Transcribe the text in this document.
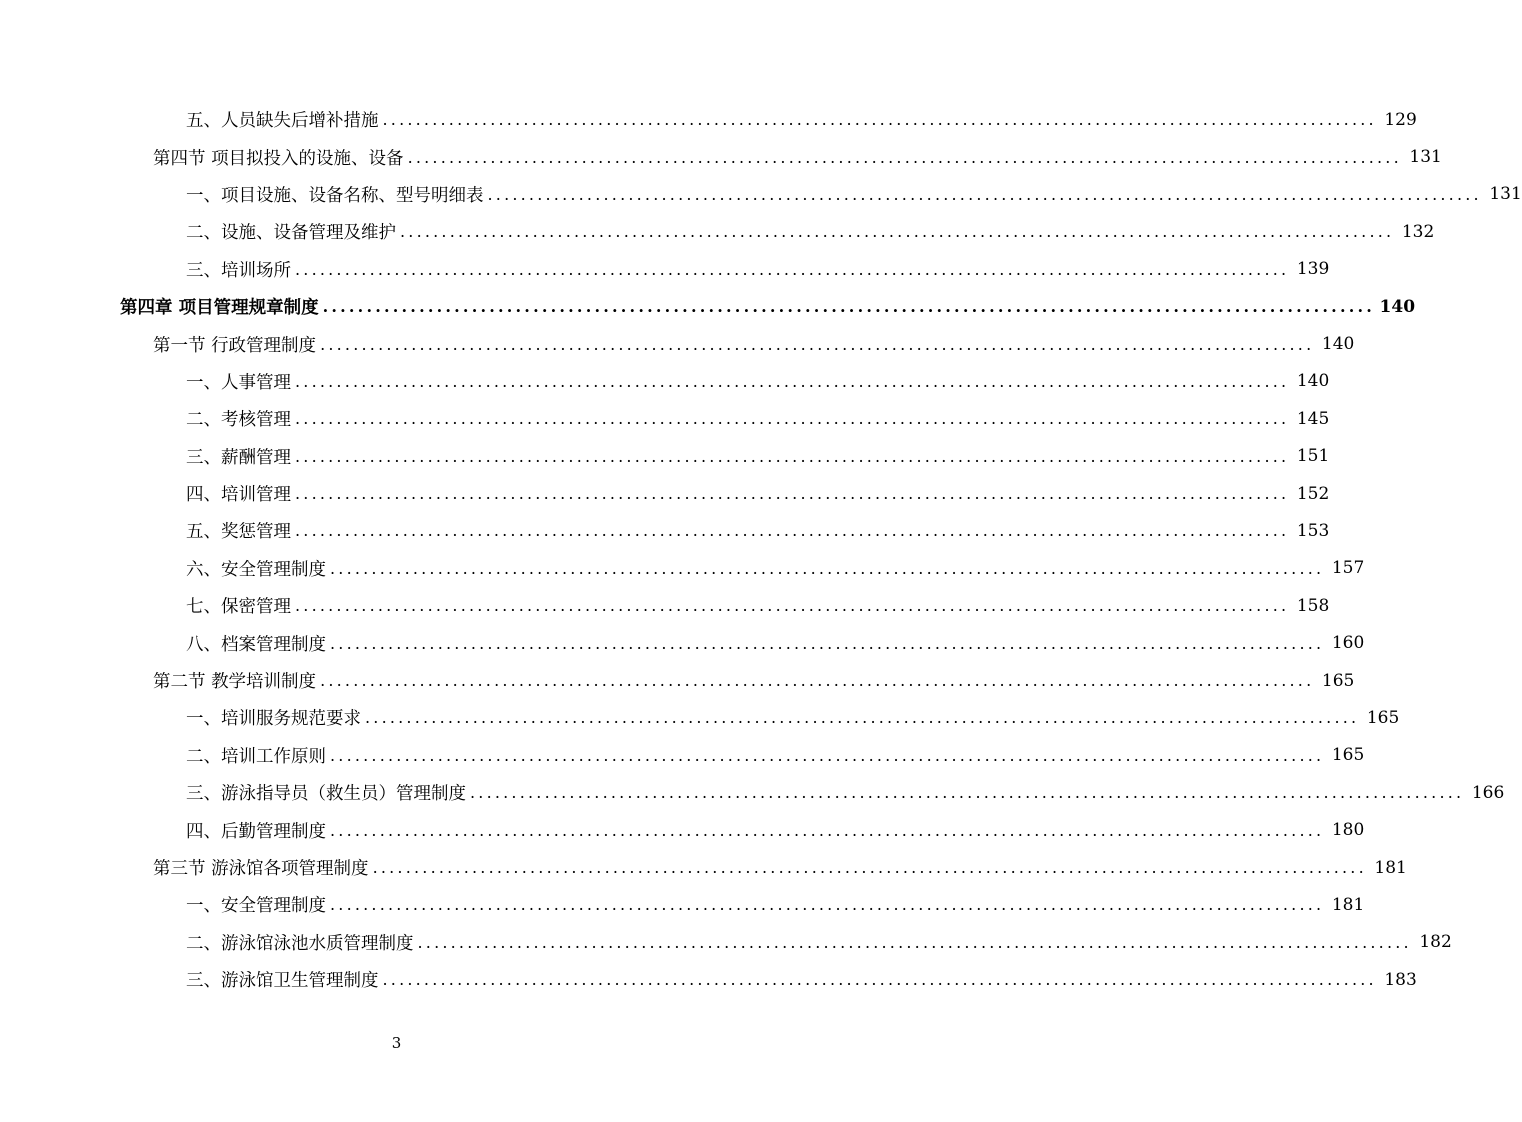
五、人员缺失后增补措施 ........................................................................................................................ 129
第四节 项目拟投入的设施、设备 ........................................................................................................................ 131
一、项目设施、设备名称、型号明细表 ........................................................................................................................ 131
二、设施、设备管理及维护 ........................................................................................................................ 132
三、培训场所 ........................................................................................................................ 139
第四章 项目管理规章制度 ........................................................................................................................ 140
第一节 行政管理制度 ........................................................................................................................ 140
一、人事管理 ........................................................................................................................ 140
二、考核管理 ........................................................................................................................ 145
三、薪酬管理 ........................................................................................................................ 151
四、培训管理 ........................................................................................................................ 152
五、奖惩管理 ........................................................................................................................ 153
六、安全管理制度 ........................................................................................................................ 157
七、保密管理 ........................................................................................................................ 158
八、档案管理制度 ........................................................................................................................ 160
第二节 教学培训制度 ........................................................................................................................ 165
一、培训服务规范要求 ........................................................................................................................ 165
二、培训工作原则 ........................................................................................................................ 165
三、游泳指导员（救生员）管理制度 ........................................................................................................................ 166
四、后勤管理制度 ........................................................................................................................ 180
第三节 游泳馆各项管理制度 ........................................................................................................................ 181
一、安全管理制度 ........................................................................................................................ 181
二、游泳馆泳池水质管理制度 ........................................................................................................................ 182
三、游泳馆卫生管理制度 ........................................................................................................................ 183
3
